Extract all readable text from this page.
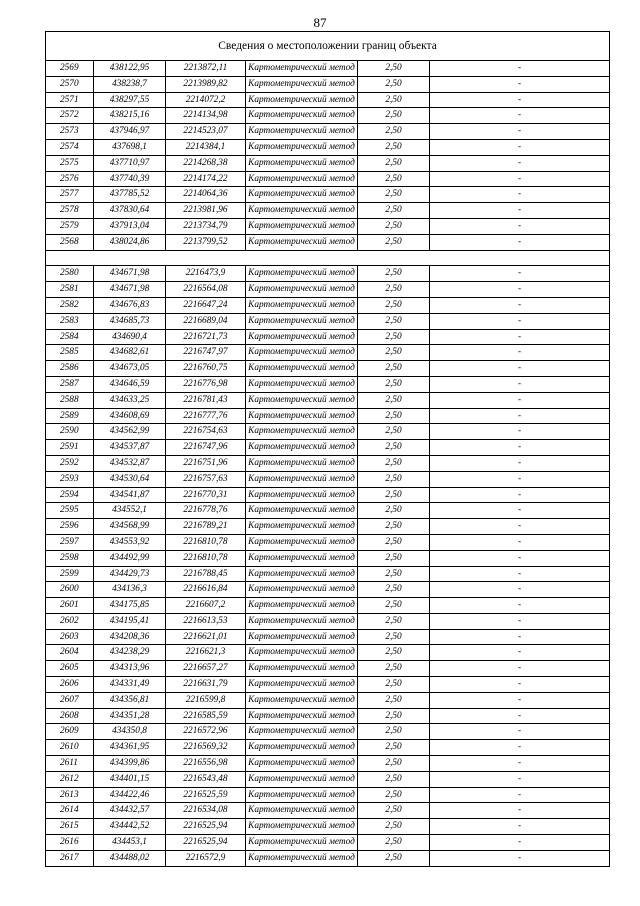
87
Сведения о местоположении границ объекта					
2569	438122,95	2213872,11	Картометрический метод	2,50	-
2570	438238,7	2213989,82	Картометрический метод	2,50	-
2571	438297,55	2214072,2	Картометрический метод	2,50	-
2572	438215,16	2214134,98	Картометрический метод	2,50	-
2573	437946,97	2214523,07	Картометрический метод	2,50	-
2574	437698,1	2214384,1	Картометрический метод	2,50	-
2575	437710,97	2214268,38	Картометрический метод	2,50	-
2576	437740,39	2214174,22	Картометрический метод	2,50	-
2577	437785,52	2214064,36	Картометрический метод	2,50	-
2578	437830,64	2213981,96	Картометрический метод	2,50	-
2579	437913,04	2213734,79	Картометрический метод	2,50	-
2568	438024,86	2213799,52	Картометрический метод	2,50	-

2580	434671,98	2216473,9	Картометрический метод	2,50	-
2581	434671,98	2216564,08	Картометрический метод	2,50	-
2582	434676,83	2216647,24	Картометрический метод	2,50	-
2583	434685,73	2216689,04	Картометрический метод	2,50	-
2584	434690,4	2216721,73	Картометрический метод	2,50	-
2585	434682,61	2216747,97	Картометрический метод	2,50	-
2586	434673,05	2216760,75	Картометрический метод	2,50	-
2587	434646,59	2216776,98	Картометрический метод	2,50	-
2588	434633,25	2216781,43	Картометрический метод	2,50	-
2589	434608,69	2216777,76	Картометрический метод	2,50	-
2590	434562,99	2216754,63	Картометрический метод	2,50	-
2591	434537,87	2216747,96	Картометрический метод	2,50	-
2592	434532,87	2216751,96	Картометрический метод	2,50	-
2593	434530,64	2216757,63	Картометрический метод	2,50	-
2594	434541,87	2216770,31	Картометрический метод	2,50	-
2595	434552,1	2216778,76	Картометрический метод	2,50	-
2596	434568,99	2216789,21	Картометрический метод	2,50	-
2597	434553,92	2216810,78	Картометрический метод	2,50	-
2598	434492,99	2216810,78	Картометрический метод	2,50	-
2599	434429,73	2216788,45	Картометрический метод	2,50	-
2600	434136,3	2216616,84	Картометрический метод	2,50	-
2601	434175,85	2216607,2	Картометрический метод	2,50	-
2602	434195,41	2216613,53	Картометрический метод	2,50	-
2603	434208,36	2216621,01	Картометрический метод	2,50	-
2604	434238,29	2216621,3	Картометрический метод	2,50	-
2605	434313,96	2216657,27	Картометрический метод	2,50	-
2606	434331,49	2216631,79	Картометрический метод	2,50	-
2607	434356,81	2216599,8	Картометрический метод	2,50	-
2608	434351,28	2216585,59	Картометрический метод	2,50	-
2609	434350,8	2216572,96	Картометрический метод	2,50	-
2610	434361,95	2216569,32	Картометрический метод	2,50	-
2611	434399,86	2216556,98	Картометрический метод	2,50	-
2612	434401,15	2216543,48	Картометрический метод	2,50	-
2613	434422,46	2216525,59	Картометрический метод	2,50	-
2614	434432,57	2216534,08	Картометрический метод	2,50	-
2615	434442,52	2216525,94	Картометрический метод	2,50	-
2616	434453,1	2216525,94	Картометрический метод	2,50	-
2617	434488,02	2216572,9	Картометрический метод	2,50	-
